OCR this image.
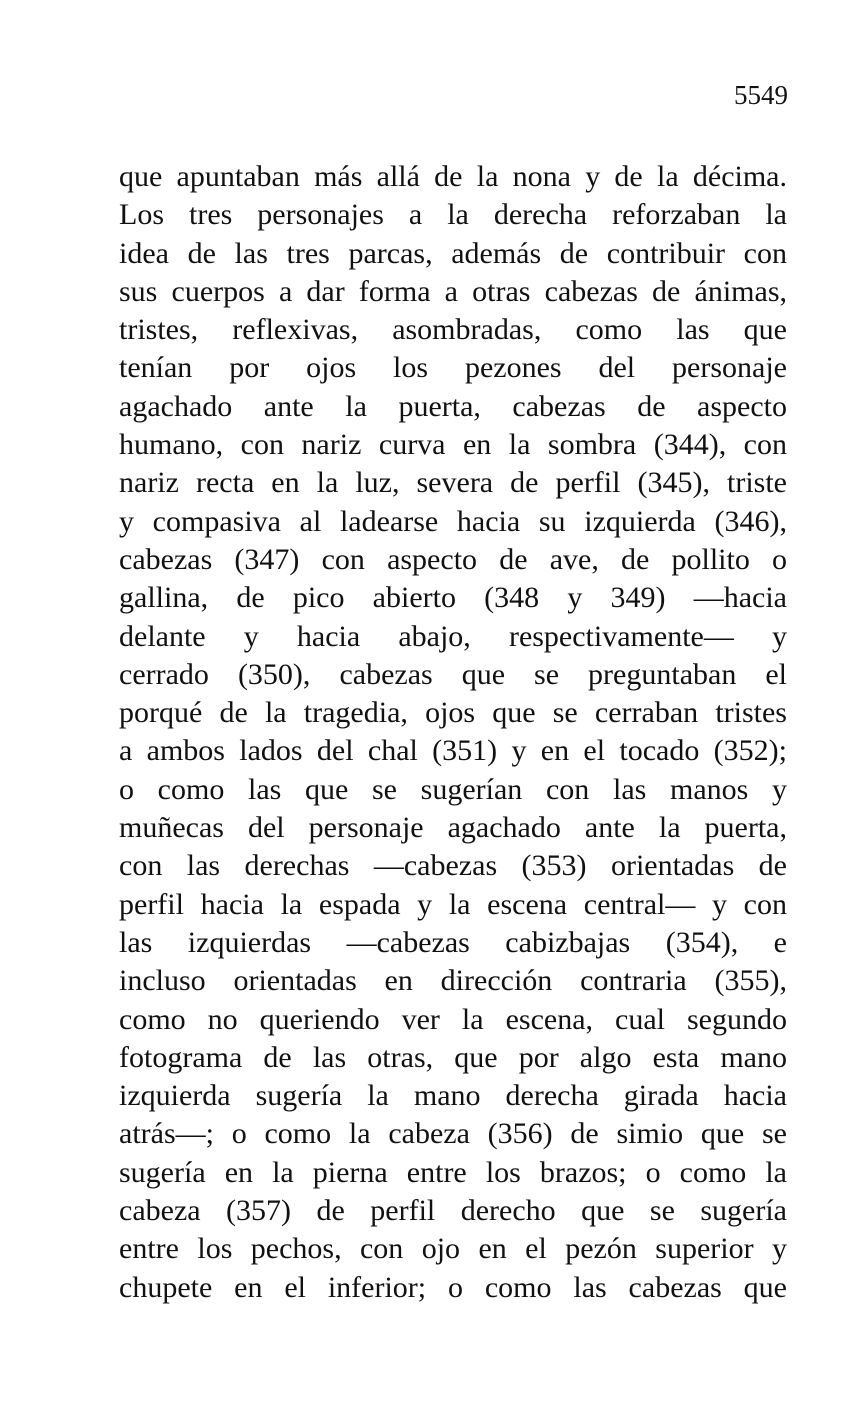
5549
que apuntaban más allá de la nona y de la décima.
Los tres personajes a la derecha reforzaban la
idea de las tres parcas, además de contribuir con
sus cuerpos a dar forma a otras cabezas de ánimas,
tristes, reflexivas, asombradas, como las que
tenían por ojos los pezones del personaje
agachado ante la puerta, cabezas de aspecto
humano, con nariz curva en la sombra (344), con
nariz recta en la luz, severa de perfil (345), triste
y compasiva al ladearse hacia su izquierda (346),
cabezas (347) con aspecto de ave, de pollito o
gallina, de pico abierto (348 y 349) —hacia
delante y hacia abajo, respectivamente— y
cerrado (350), cabezas que se preguntaban el
porqué de la tragedia, ojos que se cerraban tristes
a ambos lados del chal (351) y en el tocado (352);
o como las que se sugerían con las manos y
muñecas del personaje agachado ante la puerta,
con las derechas —cabezas (353) orientadas de
perfil hacia la espada y la escena central— y con
las izquierdas —cabezas cabizbajas (354), e
incluso orientadas en dirección contraria (355),
como no queriendo ver la escena, cual segundo
fotograma de las otras, que por algo esta mano
izquierda sugería la mano derecha girada hacia
atrás—; o como la cabeza (356) de simio que se
sugería en la pierna entre los brazos; o como la
cabeza (357) de perfil derecho que se sugería
entre los pechos, con ojo en el pezón superior y
chupete en el inferior; o como las cabezas que
